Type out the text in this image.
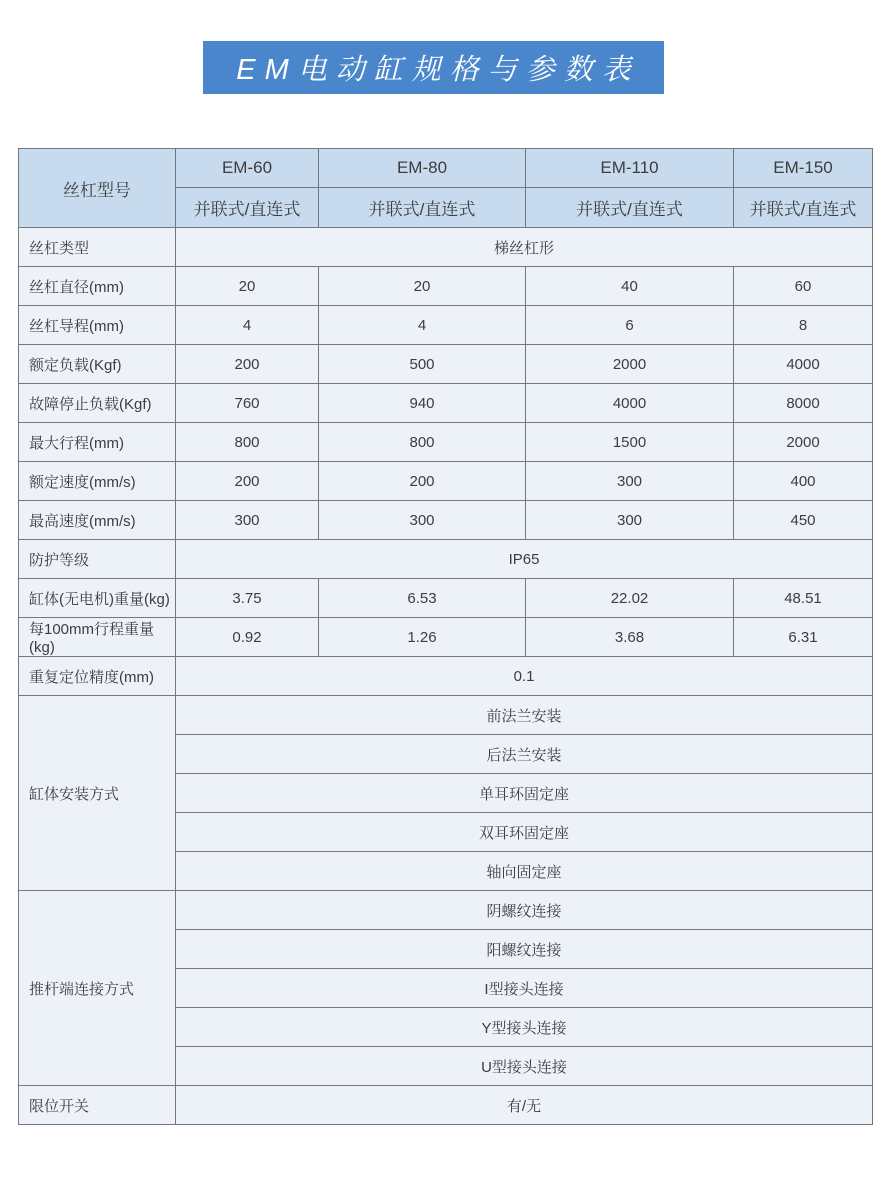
EM电动缸规格与参数表
丝杠型号	EM-60	EM-80	EM-110	EM-150
	并联式/直连式	并联式/直连式	并联式/直连式	并联式/直连式
丝杠类型	梯丝杠形			
丝杠直径(mm)	20	20	40	60
丝杠导程(mm)	4	4	6	8
额定负载(Kgf)	200	500	2000	4000
故障停止负载(Kgf)	760	940	4000	8000
最大行程(mm)	800	800	1500	2000
额定速度(mm/s)	200	200	300	400
最高速度(mm/s)	300	300	300	450
防护等级	IP65			
缸体(无电机)重量(kg)	3.75	6.53	22.02	48.51
每100mm行程重量(kg)	0.92	1.26	3.68	6.31
重复定位精度(mm)	0.1			
缸体安装方式	前法兰安装			
	后法兰安装			
	单耳环固定座			
	双耳环固定座			
	轴向固定座			
推杆端连接方式	阴螺纹连接			
	阳螺纹连接			
	I型接头连接			
	Y型接头连接			
	U型接头连接			
限位开关	有/无			
